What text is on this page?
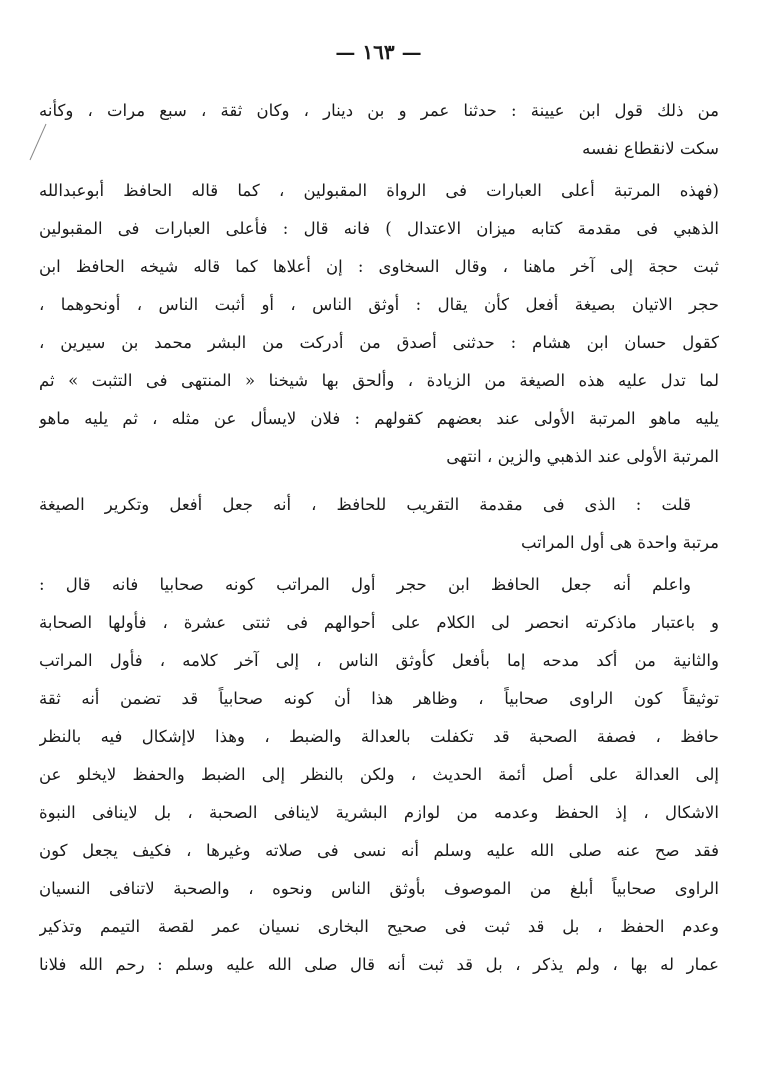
— ١٦٣ —
من ذلك قول ابن عيينة : حدثنا عمر و بن دينار ، وكان ثقة ، سبع مرات ، وكأنه
سكت لانقطاع نفسه
(فهذه المرتبة أعلى العبارات فى الرواة المقبولين ، كما قاله الحافظ أبوعبدالله
الذهبي فى مقدمة كتابه ميزان الاعتدال ) فانه قال : فأعلى العبارات فى المقبولين
ثبت حجة إلى آخر ماهنا ، وقال السخاوى : إن أعلاها كما قاله شيخه الحافظ ابن
حجر الاتيان بصيغة أفعل كأن يقال : أوثق الناس ، أو أثبت الناس ، أونحوهما ،
كقول حسان ابن هشام : حدثنى أصدق من أدركت من البشر محمد بن سيرين ،
لما تدل عليه هذه الصيغة من الزيادة ، وألحق بها شيخنا « المنتهى فى التثبت » ثم
يليه ماهو المرتبة الأولى عند بعضهم كقولهم : فلان لايسأل عن مثله ، ثم يليه ماهو
المرتبة الأولى عند الذهبي والزين ، انتهى
قلت : الذى فى مقدمة التقريب للحافظ ، أنه جعل أفعل وتكرير الصيغة
مرتبة واحدة هى أول المراتب
واعلم أنه جعل الحافظ ابن حجر أول المراتب كونه صحابيا فانه قال :
و باعتبار ماذكرته انحصر لى الكلام على أحوالهم فى ثنتى عشرة ، فأولها الصحابة
والثانية من أكد مدحه إما بأفعل كأوثق الناس ، إلى آخر كلامه ، فأول المراتب
توثيقاً كون الراوى صحابياً ، وظاهر هذا أن كونه صحابياً قد تضمن أنه ثقة
حافظ ، فصفة الصحبة قد تكفلت بالعدالة والضبط ، وهذا لاإشكال فيه بالنظر
إلى العدالة على أصل أئمة الحديث ، ولكن بالنظر إلى الضبط والحفظ لايخلو عن
الاشكال ، إذ الحفظ وعدمه من لوازم البشرية لاينافى الصحبة ، بل لاينافى النبوة
فقد صح عنه صلى الله عليه وسلم أنه نسى فى صلاته وغيرها ، فكيف يجعل كون
الراوى صحابياً أبلغ من الموصوف بأوثق الناس ونحوه ، والصحبة لاتنافى النسيان
وعدم الحفظ ، بل قد ثبت فى صحيح البخارى نسيان عمر لقصة التيمم وتذكير
عمار له بها ، ولم يذكر ، بل قد ثبت أنه قال صلى الله عليه وسلم : رحم الله فلانا
